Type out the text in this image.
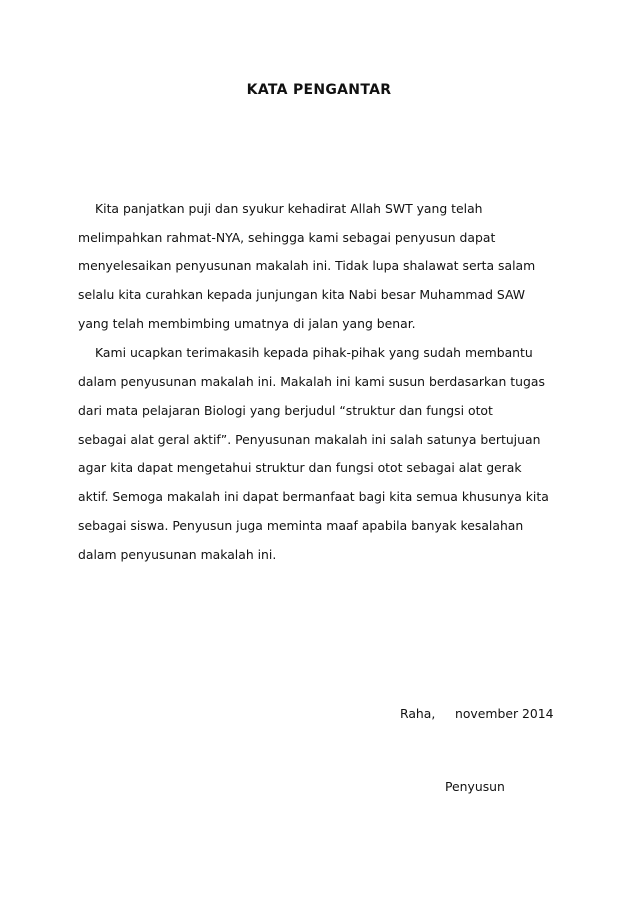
KATA PENGANTAR

Kita panjatkan puji dan syukur kehadirat Allah SWT yang telah

melimpahkan rahmat-NYA, sehingga kami sebagai penyusun dapat

menyelesaikan penyusunan makalah ini. Tidak lupa shalawat serta salam

selalu kita curahkan kepada junjungan kita Nabi besar Muhammad SAW

yang telah membimbing umatnya di jalan yang benar.

Kami ucapkan terimakasih kepada pihak-pihak yang sudah membantu

dalam penyusunan makalah ini. Makalah ini kami susun berdasarkan tugas

dari mata pelajaran Biologi yang berjudul “struktur dan fungsi otot

sebagai alat geral aktif”. Penyusunan makalah ini salah satunya bertujuan

agar kita dapat mengetahui struktur dan fungsi otot sebagai alat gerak

aktif. Semoga makalah ini dapat bermanfaat bagi kita semua khusunya kita

sebagai siswa. Penyusun juga meminta maaf apabila banyak kesalahan

dalam penyusunan makalah ini.

Raha, november 2014
Penyusun
